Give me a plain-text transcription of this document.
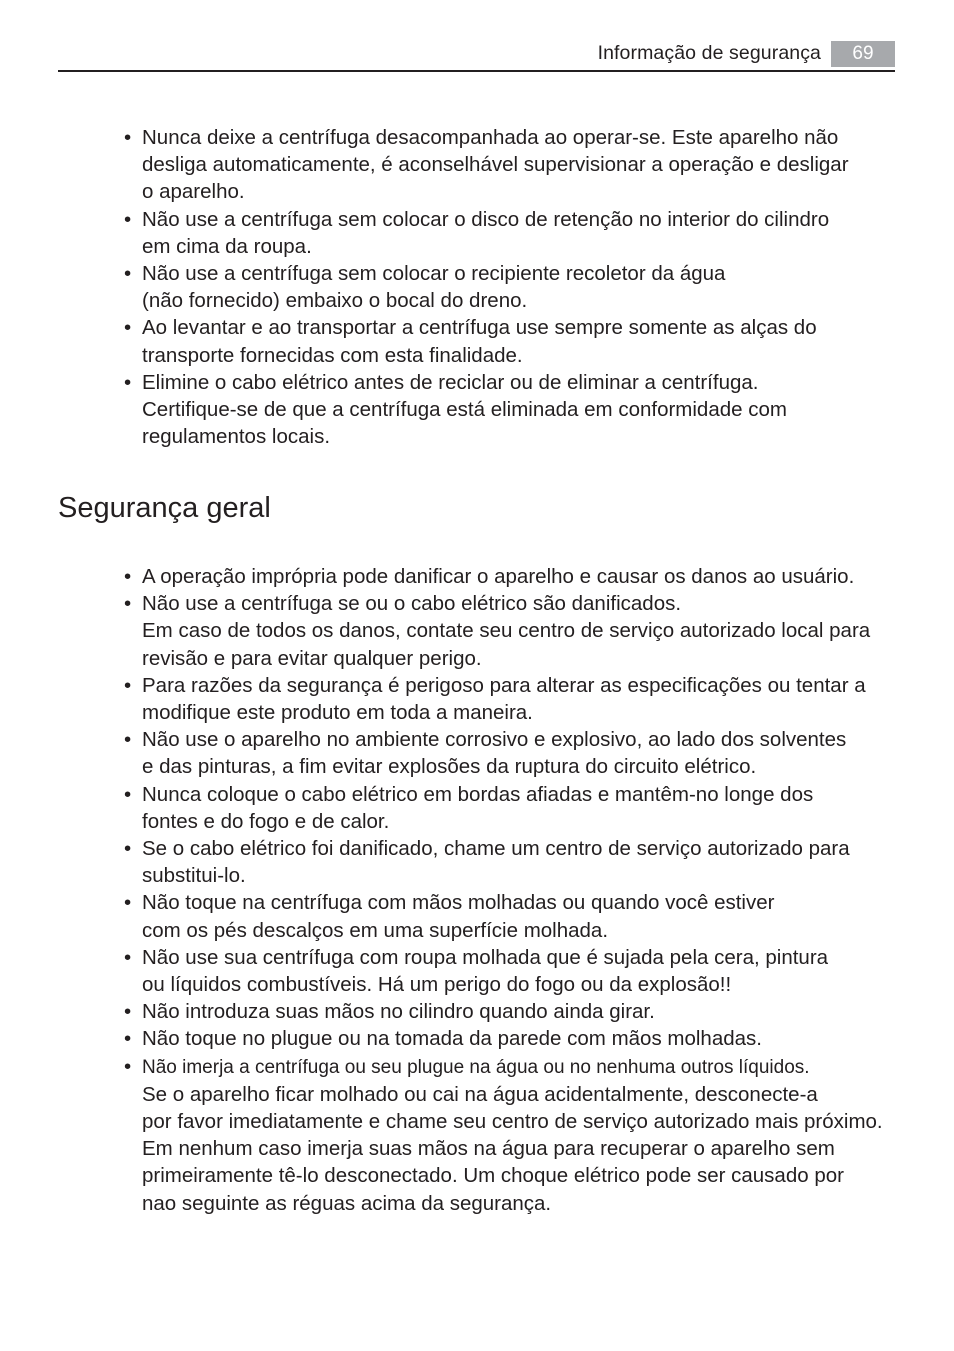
Informação de segurança	69
• Nunca deixe a centrífuga desacompanhada ao operar-se. Este aparelho não
desliga automaticamente, é aconselhável supervisionar a operação e desligar
o aparelho.
• Não use a centrífuga sem colocar o disco de retenção no interior do cilindro
em cima da roupa.
• Não use a centrífuga sem colocar o recipiente recoletor da água
(não fornecido) embaixo o bocal do dreno.
• Ao levantar e ao transportar a centrífuga use sempre somente as alças do
transporte fornecidas com esta finalidade.
• Elimine o cabo elétrico antes de reciclar ou de eliminar a centrífuga.
Certifique-se de que a centrífuga está eliminada em conformidade com
regulamentos locais.
Segurança geral
• A operação imprópria pode danificar o aparelho e causar os danos ao usuário.
• Não use a centrífuga se ou o cabo elétrico são danificados.
Em caso de todos os danos, contate seu centro de serviço autorizado local para
revisão e para evitar qualquer perigo.
• Para razões da segurança é perigoso para alterar as especificações ou tentar a
modifique este produto em toda a maneira.
• Não use o aparelho no ambiente corrosivo e explosivo, ao lado dos solventes
e das pinturas, a fim evitar explosões da ruptura do circuito elétrico.
• Nunca coloque o cabo elétrico em bordas afiadas e mantêm-no longe dos
fontes e do fogo e de calor.
• Se o cabo elétrico foi danificado, chame um centro de serviço autorizado para
substitui-lo.
• Não toque na centrífuga com mãos molhadas ou quando você estiver
com os pés descalços em uma superfície molhada.
• Não use sua centrífuga com roupa molhada que é sujada pela cera, pintura
ou líquidos combustíveis. Há um perigo do fogo ou da explosão!!
• Não introduza suas mãos no cilindro quando ainda girar.
• Não toque no plugue ou na tomada da parede com mãos molhadas.
• Não imerja a centrífuga ou seu plugue na água ou no nenhuma outros líquidos.
Se o aparelho ficar molhado ou cai na água acidentalmente, desconecte-a
por favor imediatamente e chame seu centro de serviço autorizado mais próximo.
Em nenhum caso imerja suas mãos na água para recuperar o aparelho sem
primeiramente tê-lo desconectado. Um choque elétrico pode ser causado por
nao seguinte as réguas acima da segurança.
